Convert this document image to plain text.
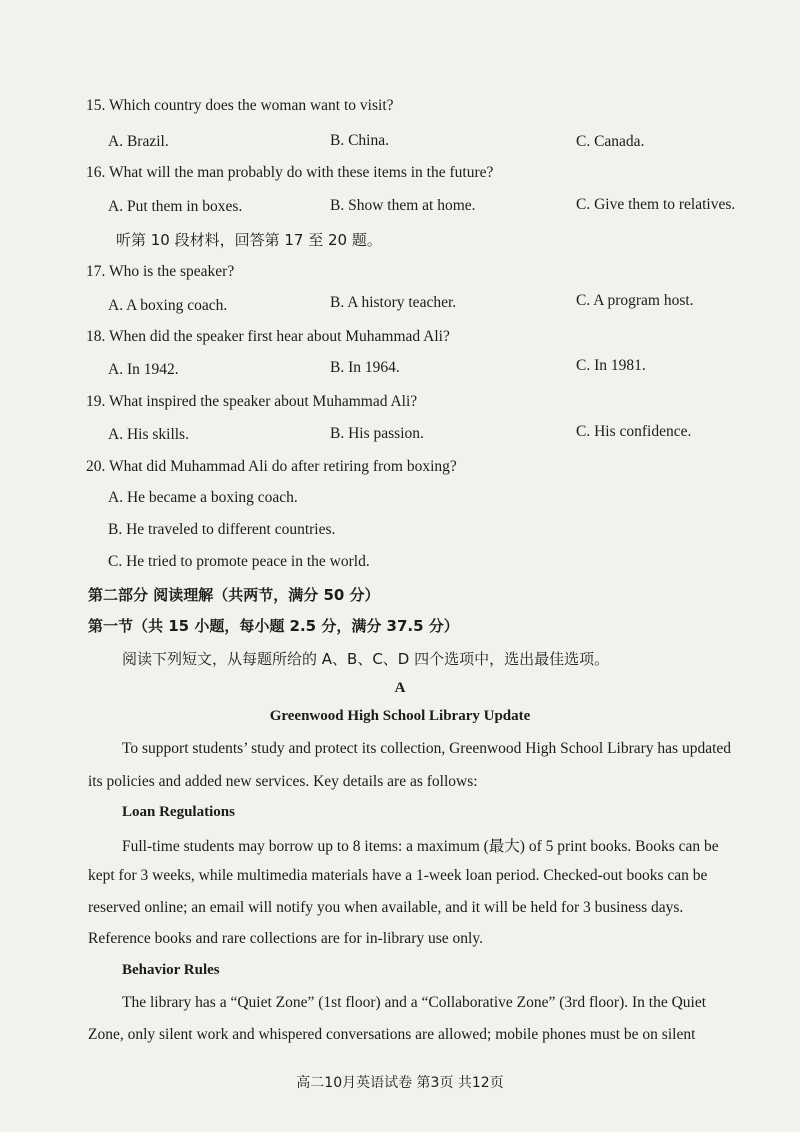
15. Which country does the woman want to visit?
A. Brazil.	B. China.	C. Canada.
16. What will the man probably do with these items in the future?
A. Put them in boxes.	B. Show them at home.	C. Give them to relatives.
听第 10 段材料，回答第 17 至 20 题。
17. Who is the speaker?
A. A boxing coach.	B. A history teacher.	C. A program host.
18. When did the speaker first hear about Muhammad Ali?
A. In 1942.	B. In 1964.	C. In 1981.
19. What inspired the speaker about Muhammad Ali?
A. His skills.	B. His passion.	C. His confidence.
20. What did Muhammad Ali do after retiring from boxing?
A. He became a boxing coach.
B. He traveled to different countries.
C. He tried to promote peace in the world.
第二部分 阅读理解（共两节，满分 50 分）
第一节（共 15 小题，每小题 2.5 分，满分 37.5 分）
阅读下列短文，从每题所给的 A、B、C、D 四个选项中，选出最佳选项。
A
Greenwood High School Library Update
To support students’ study and protect its collection, Greenwood High School Library has updated
its policies and added new services. Key details are as follows:
Loan Regulations
Full-time students may borrow up to 8 items: a maximum (最大) of 5 print books. Books can be
kept for 3 weeks, while multimedia materials have a 1-week loan period. Checked-out books can be
reserved online; an email will notify you when available, and it will be held for 3 business days.
Reference books and rare collections are for in-library use only.
Behavior Rules
The library has a “Quiet Zone” (1st floor) and a “Collaborative Zone” (3rd floor). In the Quiet
Zone, only silent work and whispered conversations are allowed; mobile phones must be on silent
高二10月英语试卷 第3页 共12页
